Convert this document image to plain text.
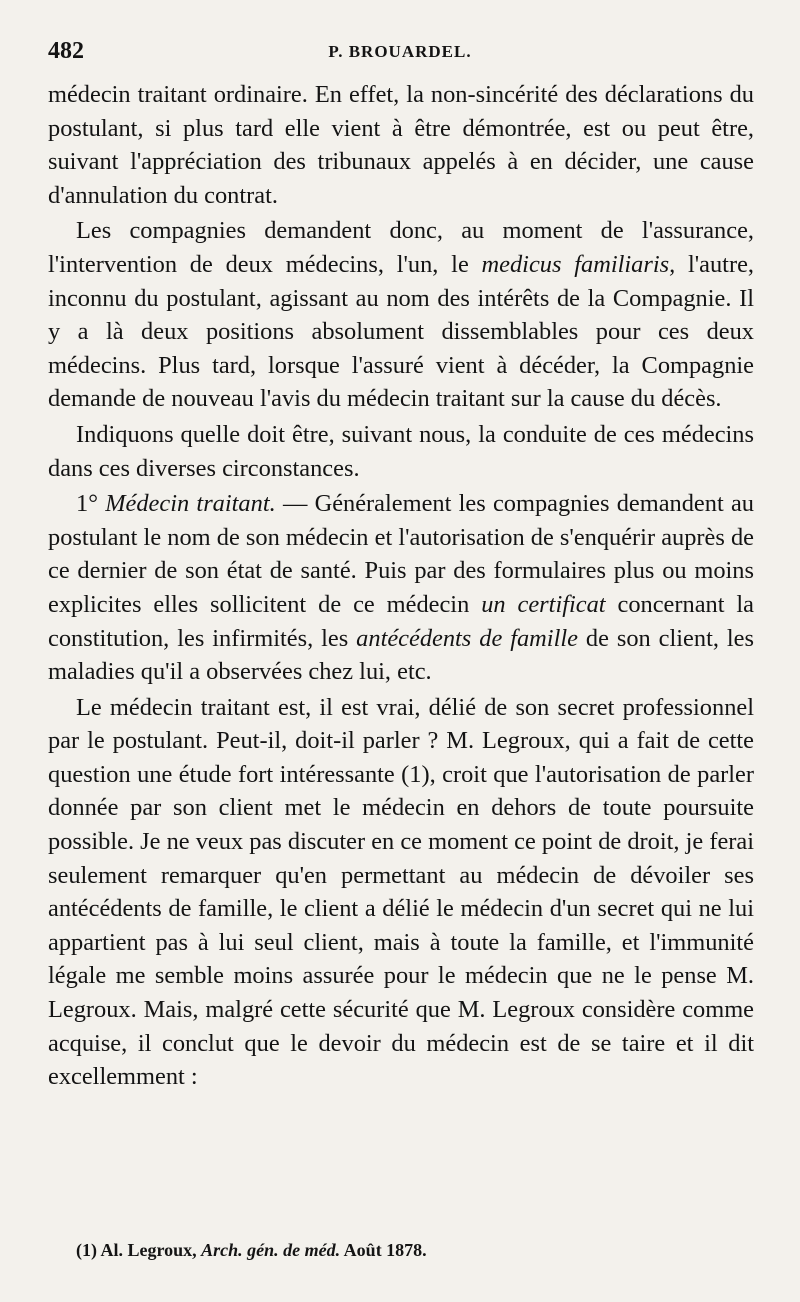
482	P. BROUARDEL.

médecin traitant ordinaire. En effet, la non-sincérité des déclarations du postulant, si plus tard elle vient à être démontrée, est ou peut être, suivant l'appréciation des tribunaux appelés à en décider, une cause d'annulation du contrat.

Les compagnies demandent donc, au moment de l'assurance, l'intervention de deux médecins, l'un, le medicus familiaris, l'autre, inconnu du postulant, agissant au nom des intérêts de la Compagnie. Il y a là deux positions absolument dissemblables pour ces deux médecins. Plus tard, lorsque l'assuré vient à décéder, la Compagnie demande de nouveau l'avis du médecin traitant sur la cause du décès.

Indiquons quelle doit être, suivant nous, la conduite de ces médecins dans ces diverses circonstances.

1° Médecin traitant. — Généralement les compagnies demandent au postulant le nom de son médecin et l'autorisation de s'enquérir auprès de ce dernier de son état de santé. Puis par des formulaires plus ou moins explicites elles sollicitent de ce médecin un certificat concernant la constitution, les infirmités, les antécédents de famille de son client, les maladies qu'il a observées chez lui, etc.

Le médecin traitant est, il est vrai, délié de son secret professionnel par le postulant. Peut-il, doit-il parler ? M. Legroux, qui a fait de cette question une étude fort intéressante (1), croit que l'autorisation de parler donnée par son client met le médecin en dehors de toute poursuite possible. Je ne veux pas discuter en ce moment ce point de droit, je ferai seulement remarquer qu'en permettant au médecin de dévoiler ses antécédents de famille, le client a délié le médecin d'un secret qui ne lui appartient pas à lui seul client, mais à toute la famille, et l'immunité légale me semble moins assurée pour le médecin que ne le pense M. Legroux. Mais, malgré cette sécurité que M. Legroux considère comme acquise, il conclut que le devoir du médecin est de se taire et il dit excellemment :

(1) Al. Legroux, Arch. gén. de méd. Août 1878.
